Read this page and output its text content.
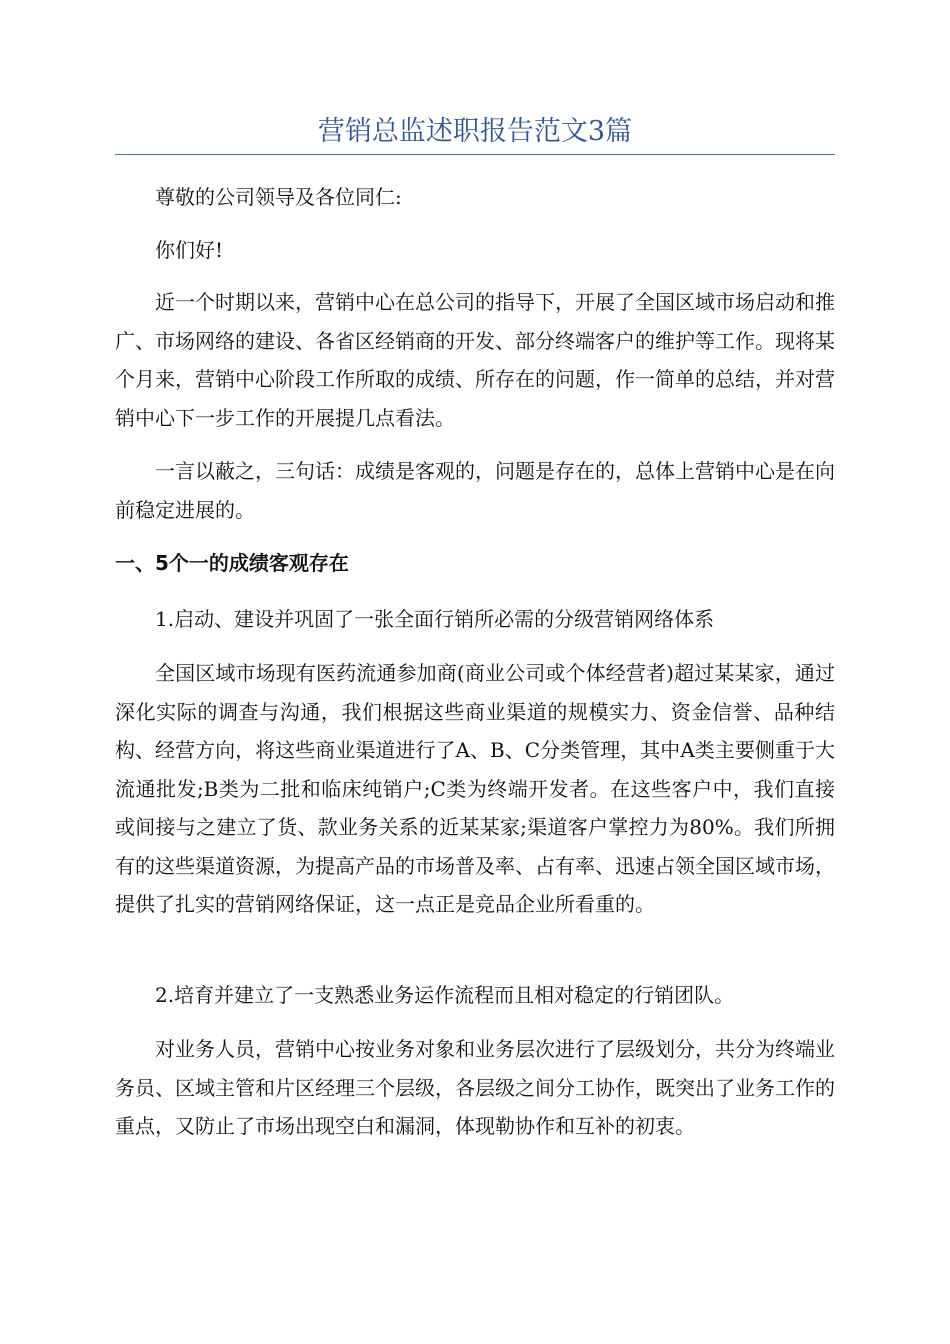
营销总监述职报告范文3篇

尊敬的公司领导及各位同仁:

你们好!

近一个时期以来，营销中心在总公司的指导下，开展了全国区域市场启动和推广、市场网络的建设、各省区经销商的开发、部分终端客户的维护等工作。现将某个月来，营销中心阶段工作所取的成绩、所存在的问题，作一简单的总结，并对营销中心下一步工作的开展提几点看法。

一言以蔽之，三句话：成绩是客观的，问题是存在的，总体上营销中心是在向前稳定进展的。

一、5个一的成绩客观存在

1.启动、建设并巩固了一张全面行销所必需的分级营销网络体系

全国区域市场现有医药流通参加商(商业公司或个体经营者)超过某某家，通过深化实际的调查与沟通，我们根据这些商业渠道的规模实力、资金信誉、品种结构、经营方向，将这些商业渠道进行了A、B、C分类管理，其中A类主要侧重于大流通批发;B类为二批和临床纯销户;C类为终端开发者。在这些客户中，我们直接或间接与之建立了货、款业务关系的近某某家;渠道客户掌控力为80%。我们所拥有的这些渠道资源，为提高产品的市场普及率、占有率、迅速占领全国区域市场，提供了扎实的营销网络保证，这一点正是竞品企业所看重的。

2.培育并建立了一支熟悉业务运作流程而且相对稳定的行销团队。

对业务人员，营销中心按业务对象和业务层次进行了层级划分，共分为终端业务员、区域主管和片区经理三个层级，各层级之间分工协作，既突出了业务工作的重点，又防止了市场出现空白和漏洞，体现勒协作和互补的初衷。
